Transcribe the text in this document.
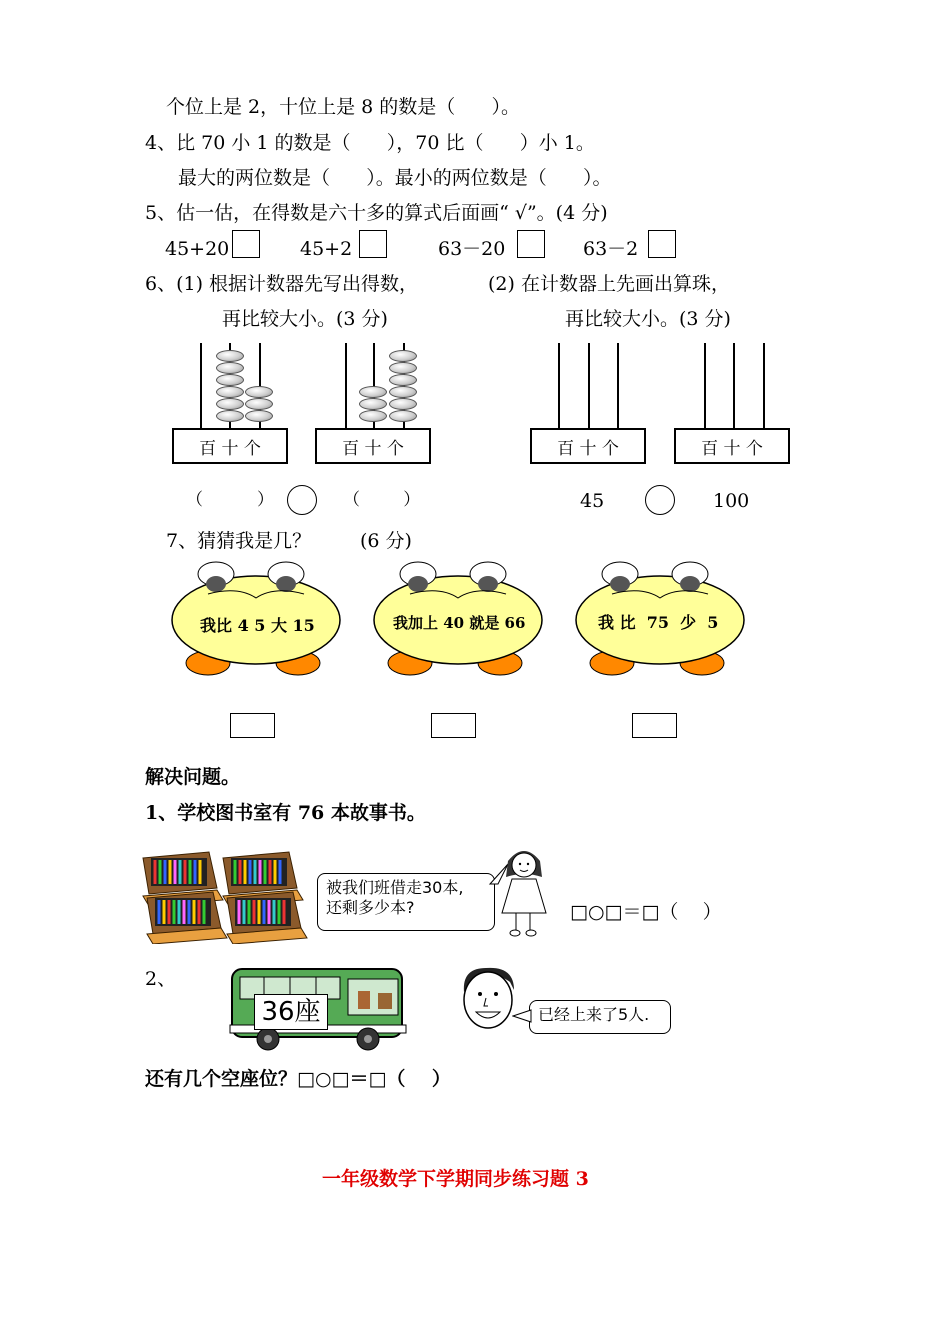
个位上是 2，十位上是 8 的数是（      ）。
4、比 70 小 1 的数是（      ），70 比（      ）小 1。
最大的两位数是（      ）。最小的两位数是（      ）。
5、估一估，在得数是六十多的算式后面画“ √”。(4 分)
45+20	45+2	63－20	63－2
6、(1) 根据计数器先写出得数，	(2) 在计数器上先画出算珠，
再比较大小。(3 分)	再比较大小。(3 分)
百 十 个	百 十 个	百 十 个	百 十 个
（          ）	（        ）	45	100
7、猜猜我是几？	(6 分)
我比 4 5 大 15	我加上 40 就是 66	我 比  75  少  5
解决问题。
1、学校图书室有 76 本故事书。
被我们班借走30本,
还剩多少本?	□○□＝□（    ）
2、
36座	已经上来了5人.
还有几个空座位？□○□＝□（    ）
一年级数学下学期同步练习题 3
